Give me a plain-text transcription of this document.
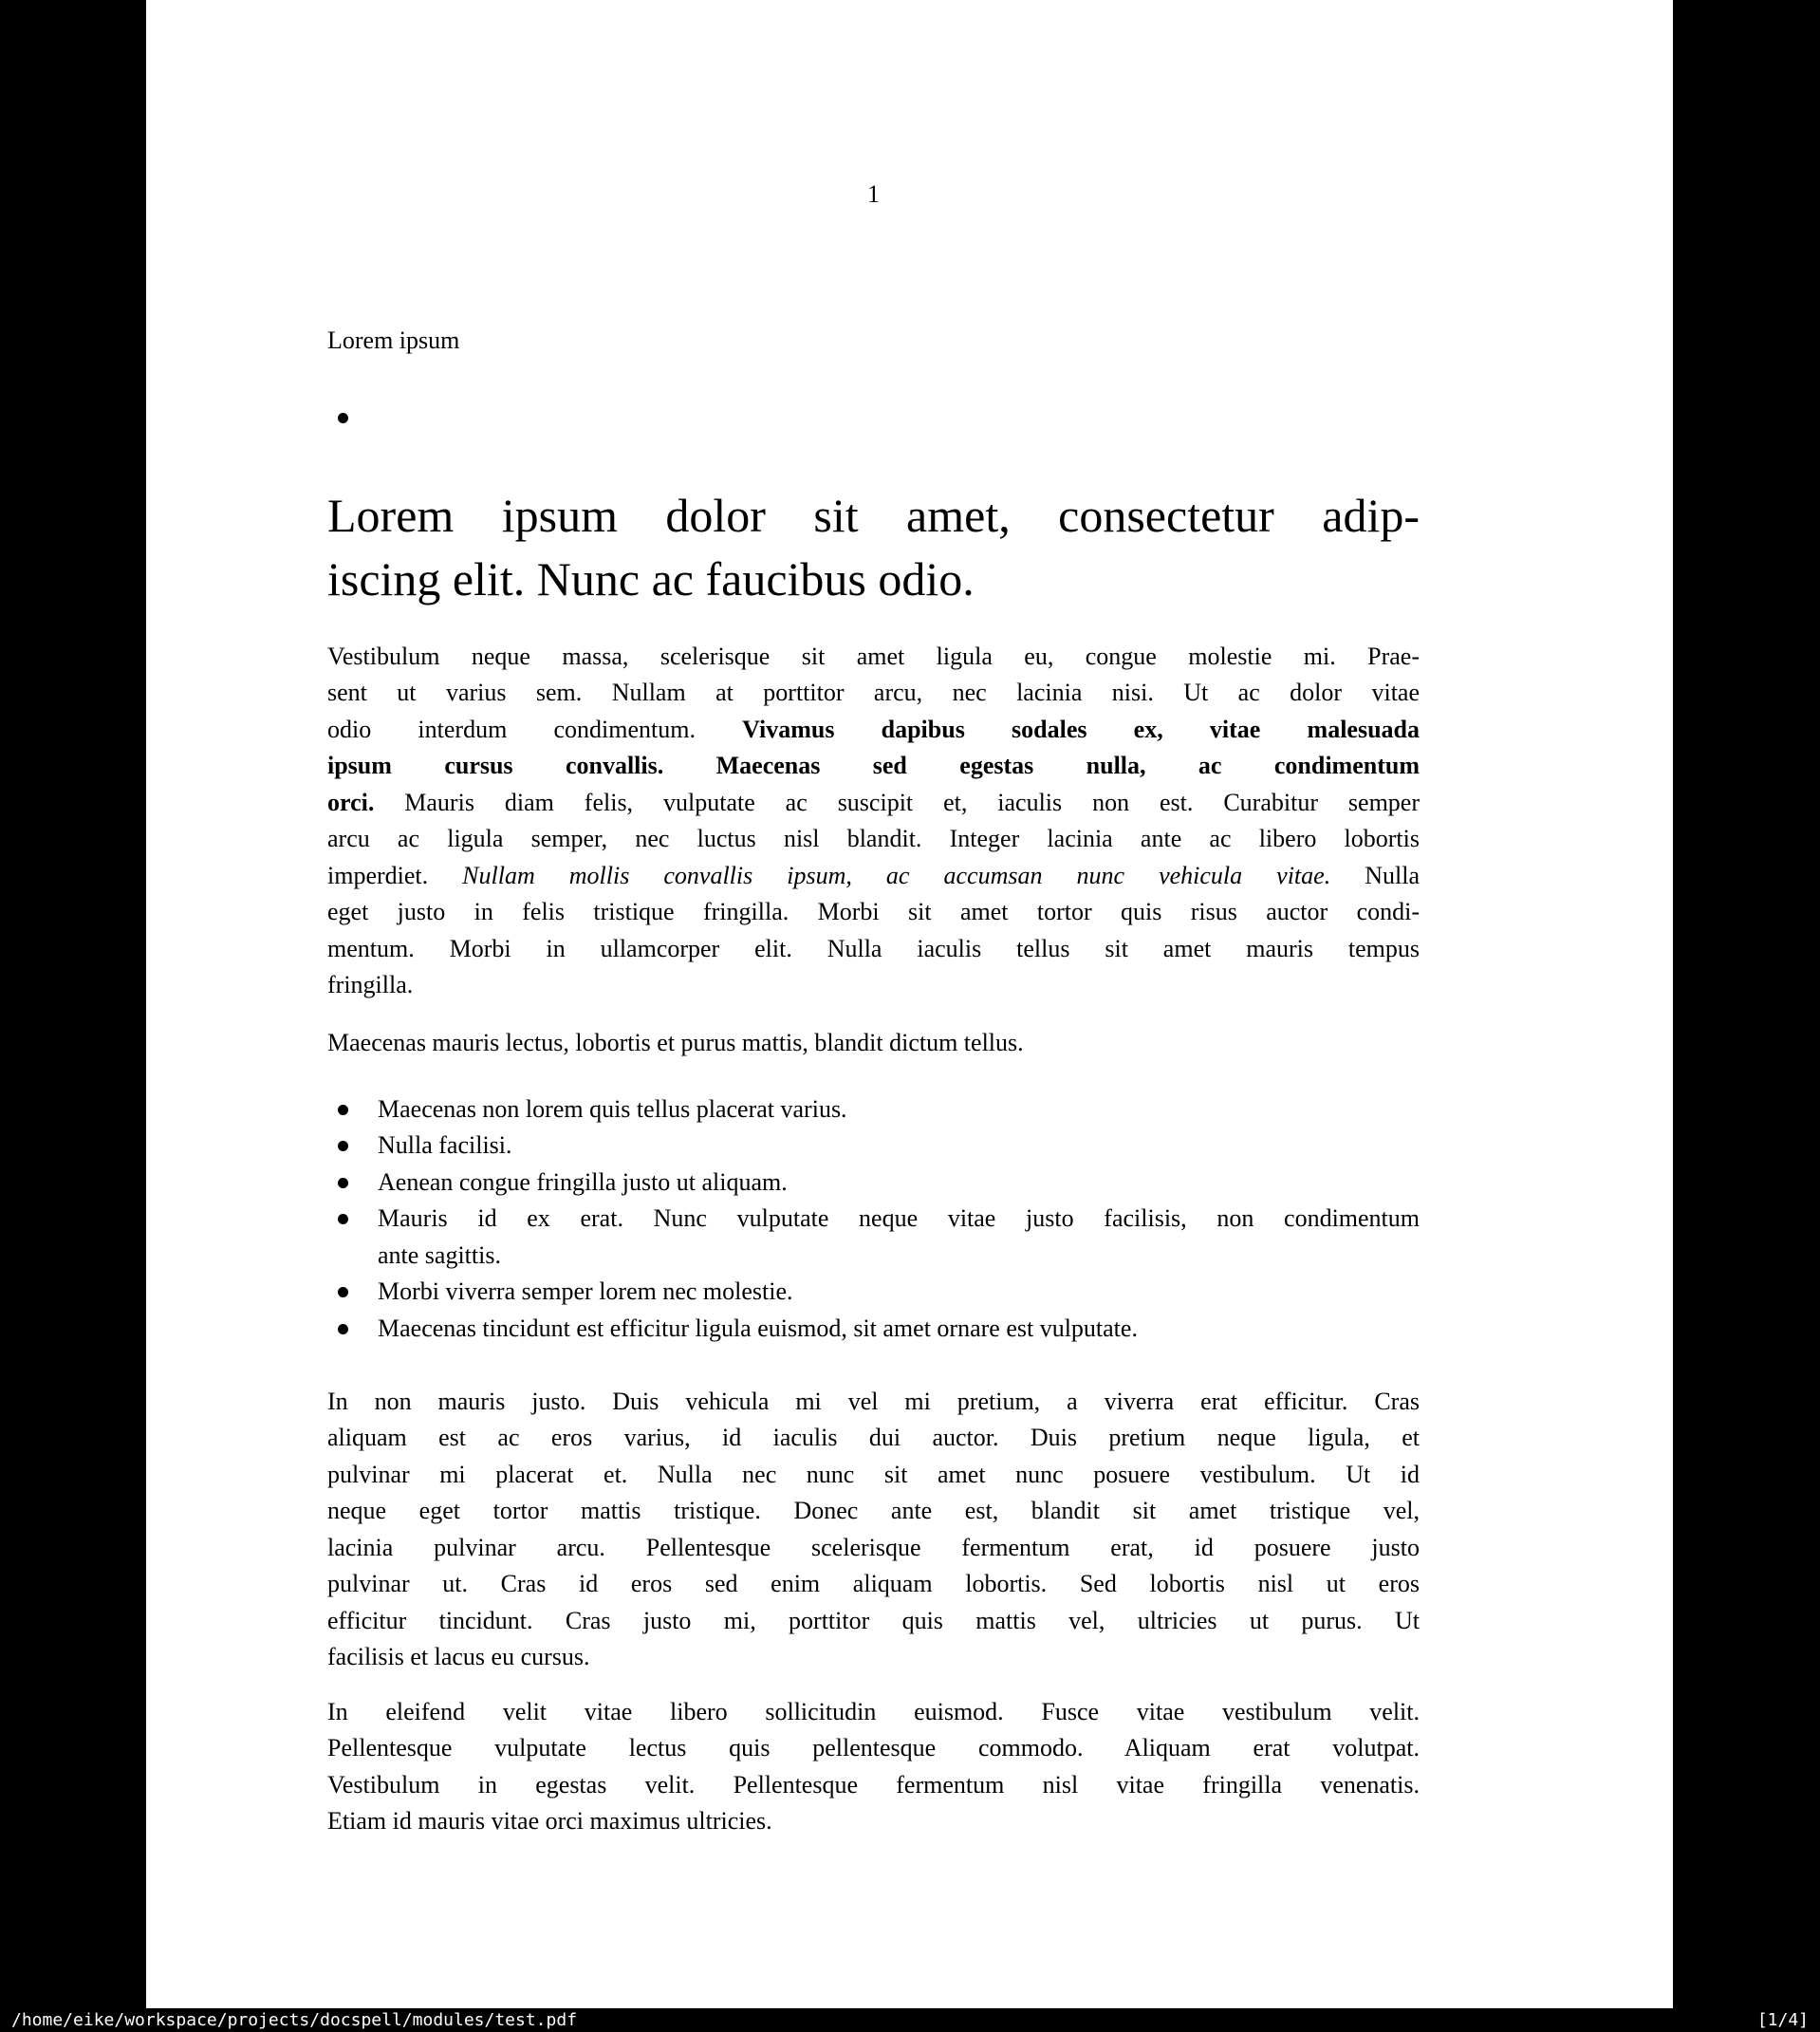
1
Lorem ipsum

Lorem ipsum dolor sit amet, consectetur adip-
iscing elit. Nunc ac faucibus odio.
Vestibulum neque massa, scelerisque sit amet ligula eu, congue molestie mi. Prae-
sent ut varius sem. Nullam at porttitor arcu, nec lacinia nisi. Ut ac dolor vitae
odio interdum condimentum. Vivamus dapibus sodales ex, vitae malesuada
ipsum cursus convallis. Maecenas sed egestas nulla, ac condimentum
orci. Mauris diam felis, vulputate ac suscipit et, iaculis non est. Curabitur semper
arcu ac ligula semper, nec luctus nisl blandit. Integer lacinia ante ac libero lobortis
imperdiet. Nullam mollis convallis ipsum, ac accumsan nunc vehicula vitae. Nulla
eget justo in felis tristique fringilla. Morbi sit amet tortor quis risus auctor condi-
mentum. Morbi in ullamcorper elit. Nulla iaculis tellus sit amet mauris tempus
fringilla.
Maecenas mauris lectus, lobortis et purus mattis, blandit dictum tellus.
Maecenas non lorem quis tellus placerat varius.
Nulla facilisi.
Aenean congue fringilla justo ut aliquam.
Mauris id ex erat. Nunc vulputate neque vitae justo facilisis, non condimentum
ante sagittis.
Morbi viverra semper lorem nec molestie.
Maecenas tincidunt est efficitur ligula euismod, sit amet ornare est vulputate.
In non mauris justo. Duis vehicula mi vel mi pretium, a viverra erat efficitur. Cras
aliquam est ac eros varius, id iaculis dui auctor. Duis pretium neque ligula, et
pulvinar mi placerat et. Nulla nec nunc sit amet nunc posuere vestibulum. Ut id
neque eget tortor mattis tristique. Donec ante est, blandit sit amet tristique vel,
lacinia pulvinar arcu. Pellentesque scelerisque fermentum erat, id posuere justo
pulvinar ut. Cras id eros sed enim aliquam lobortis. Sed lobortis nisl ut eros
efficitur tincidunt. Cras justo mi, porttitor quis mattis vel, ultricies ut purus. Ut
facilisis et lacus eu cursus.
In eleifend velit vitae libero sollicitudin euismod. Fusce vitae vestibulum velit.
Pellentesque vulputate lectus quis pellentesque commodo. Aliquam erat volutpat.
Vestibulum in egestas velit. Pellentesque fermentum nisl vitae fringilla venenatis.
Etiam id mauris vitae orci maximus ultricies.
/home/eike/workspace/projects/docspell/modules/test.pdf	[1/4]
